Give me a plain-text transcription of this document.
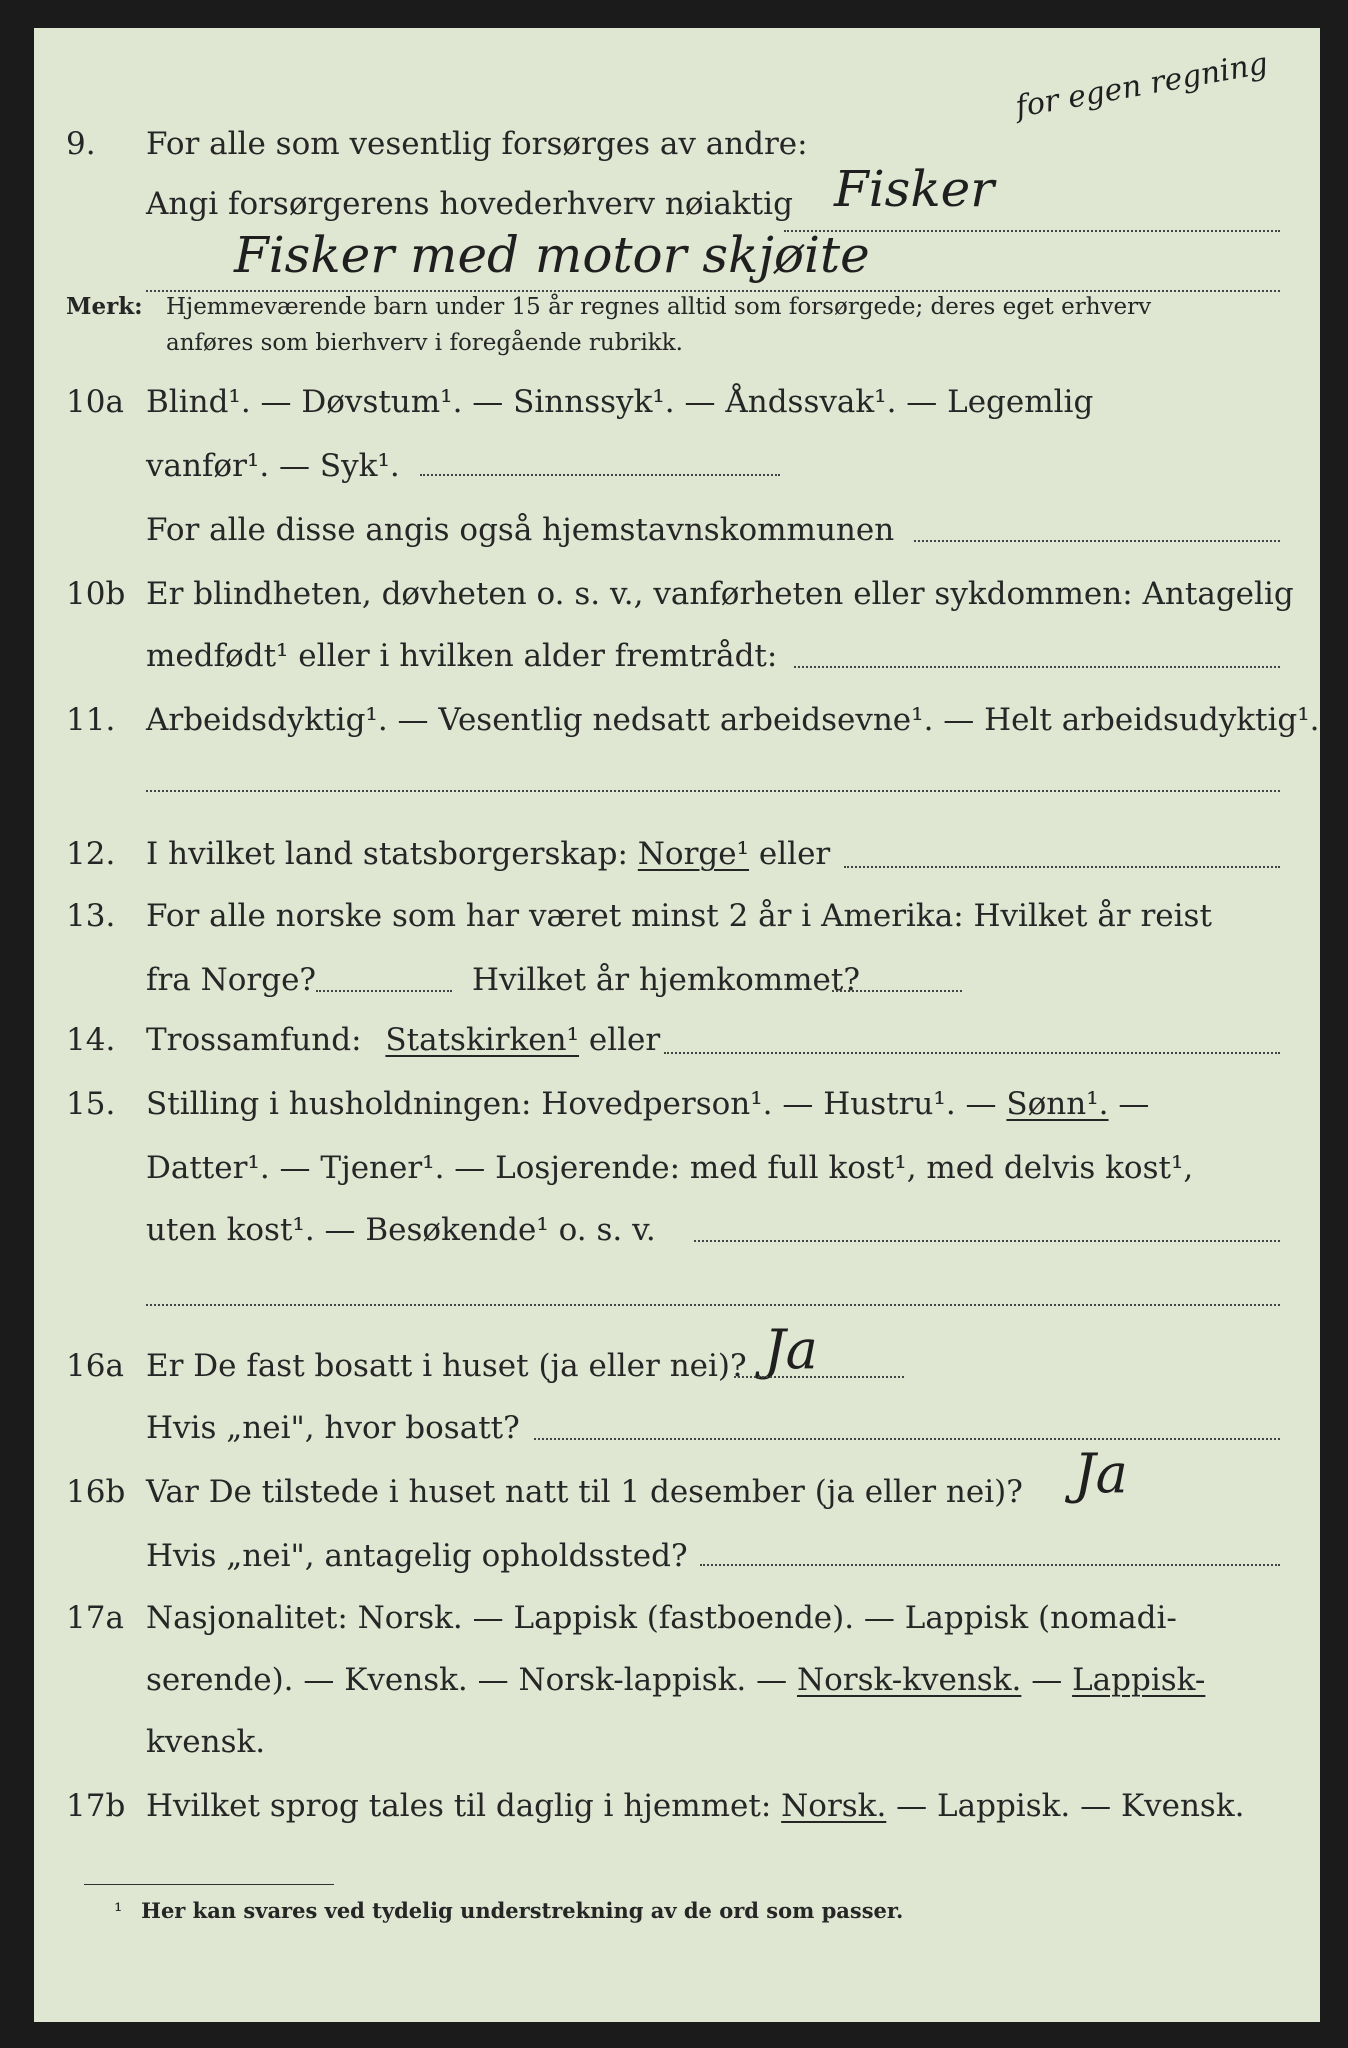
9. For alle som vesentlig forsørges av andre:
Angi forsørgerens hovederhverv nøiaktig Fisker
for egen regning
Fisker med motor skjøite
Merk: Hjemmeværende barn under 15 år regnes alltid som forsørgede; deres eget erhverv
anføres som bierhverv i foregående rubrikk.
10a Blind¹. — Døvstum¹. — Sinnssyk¹. — Åndssvak¹. — Legemlig
vanfør¹. — Syk¹.
For alle disse angis også hjemstavnskommunen
10b Er blindheten, døvheten o. s. v., vanførheten eller sykdommen: Antagelig
medfødt¹ eller i hvilken alder fremtrådt:
11. Arbeidsdyktig¹. — Vesentlig nedsatt arbeidsevne¹. — Helt arbeidsudyktig¹.
12. I hvilket land statsborgerskap: Norge¹ eller
13. For alle norske som har været minst 2 år i Amerika: Hvilket år reist
fra Norge?	Hvilket år hjemkommet?
14. Trossamfund: Statskirken¹ eller
15. Stilling i husholdningen: Hovedperson¹. — Hustru¹. — Sønn¹. —
Datter¹. — Tjener¹. — Losjerende: med full kost¹, med delvis kost¹,
uten kost¹. — Besøkende¹ o. s. v.
16a Er De fast bosatt i huset (ja eller nei)? Ja
Hvis „nei", hvor bosatt?
16b Var De tilstede i huset natt til 1 desember (ja eller nei)? Ja
Hvis „nei", antagelig opholdssted?
17a Nasjonalitet: Norsk. — Lappisk (fastboende). — Lappisk (nomadi-
serende). — Kvensk. — Norsk-lappisk. — Norsk-kvensk. — Lappisk-
kvensk.
17b Hvilket sprog tales til daglig i hjemmet: Norsk. — Lappisk. — Kvensk.
¹ Her kan svares ved tydelig understrekning av de ord som passer.
